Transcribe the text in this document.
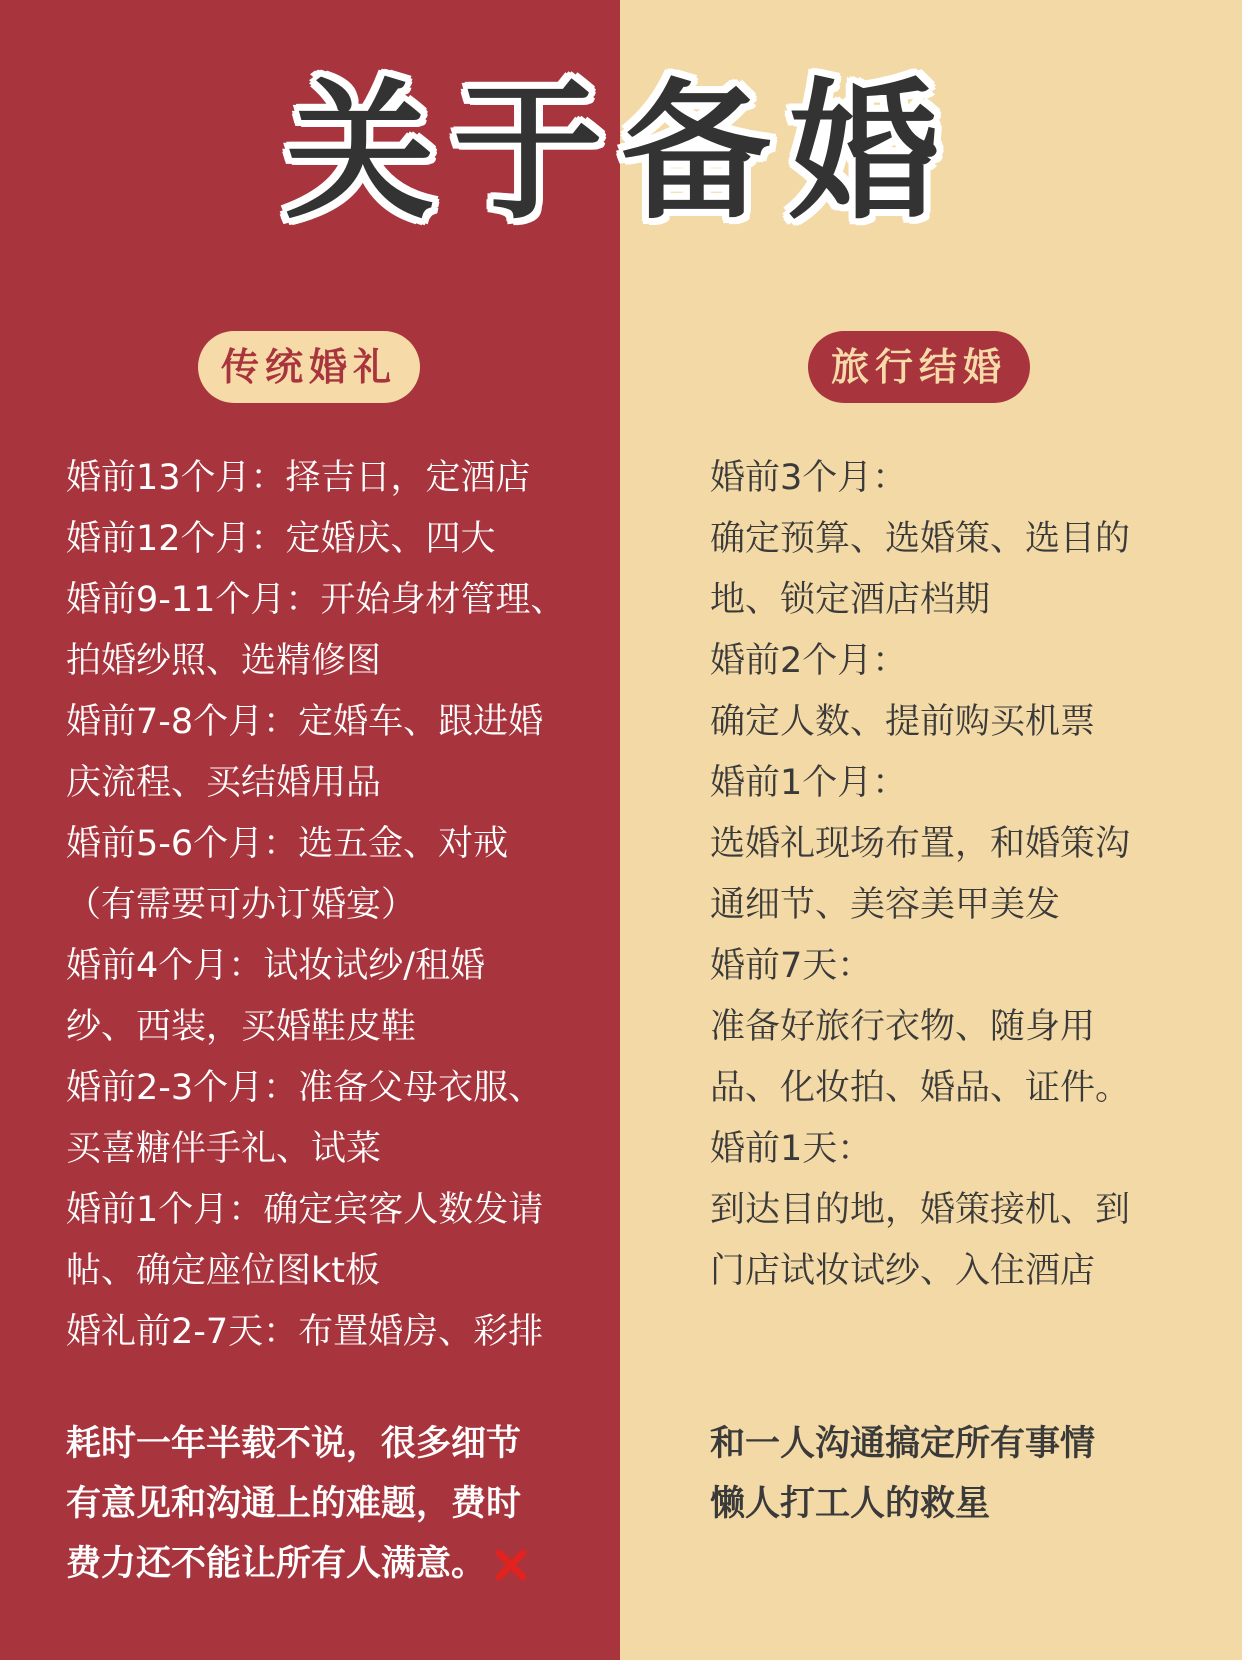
关于备婚
传统婚礼	旅行结婚
婚前13个月：择吉日，定酒店
婚前12个月：定婚庆、四大
婚前9-11个月：开始身材管理、
拍婚纱照、选精修图
婚前7-8个月：定婚车、跟进婚
庆流程、买结婚用品
婚前5-6个月：选五金、对戒
（有需要可办订婚宴）
婚前4个月：试妆试纱/租婚
纱、西装，买婚鞋皮鞋
婚前2-3个月：准备父母衣服、
买喜糖伴手礼、试菜
婚前1个月：确定宾客人数发请
帖、确定座位图kt板
婚礼前2-7天：布置婚房、彩排
婚前3个月：
确定预算、选婚策、选目的
地、锁定酒店档期
婚前2个月：
确定人数、提前购买机票
婚前1个月：
选婚礼现场布置，和婚策沟
通细节、美容美甲美发
婚前7天：
准备好旅行衣物、随身用
品、化妆拍、婚品、证件。
婚前1天：
到达目的地，婚策接机、到
门店试妆试纱、入住酒店
耗时一年半载不说，很多细节
有意见和沟通上的难题，费时
费力还不能让所有人满意。
和一人沟通搞定所有事情
懒人打工人的救星
